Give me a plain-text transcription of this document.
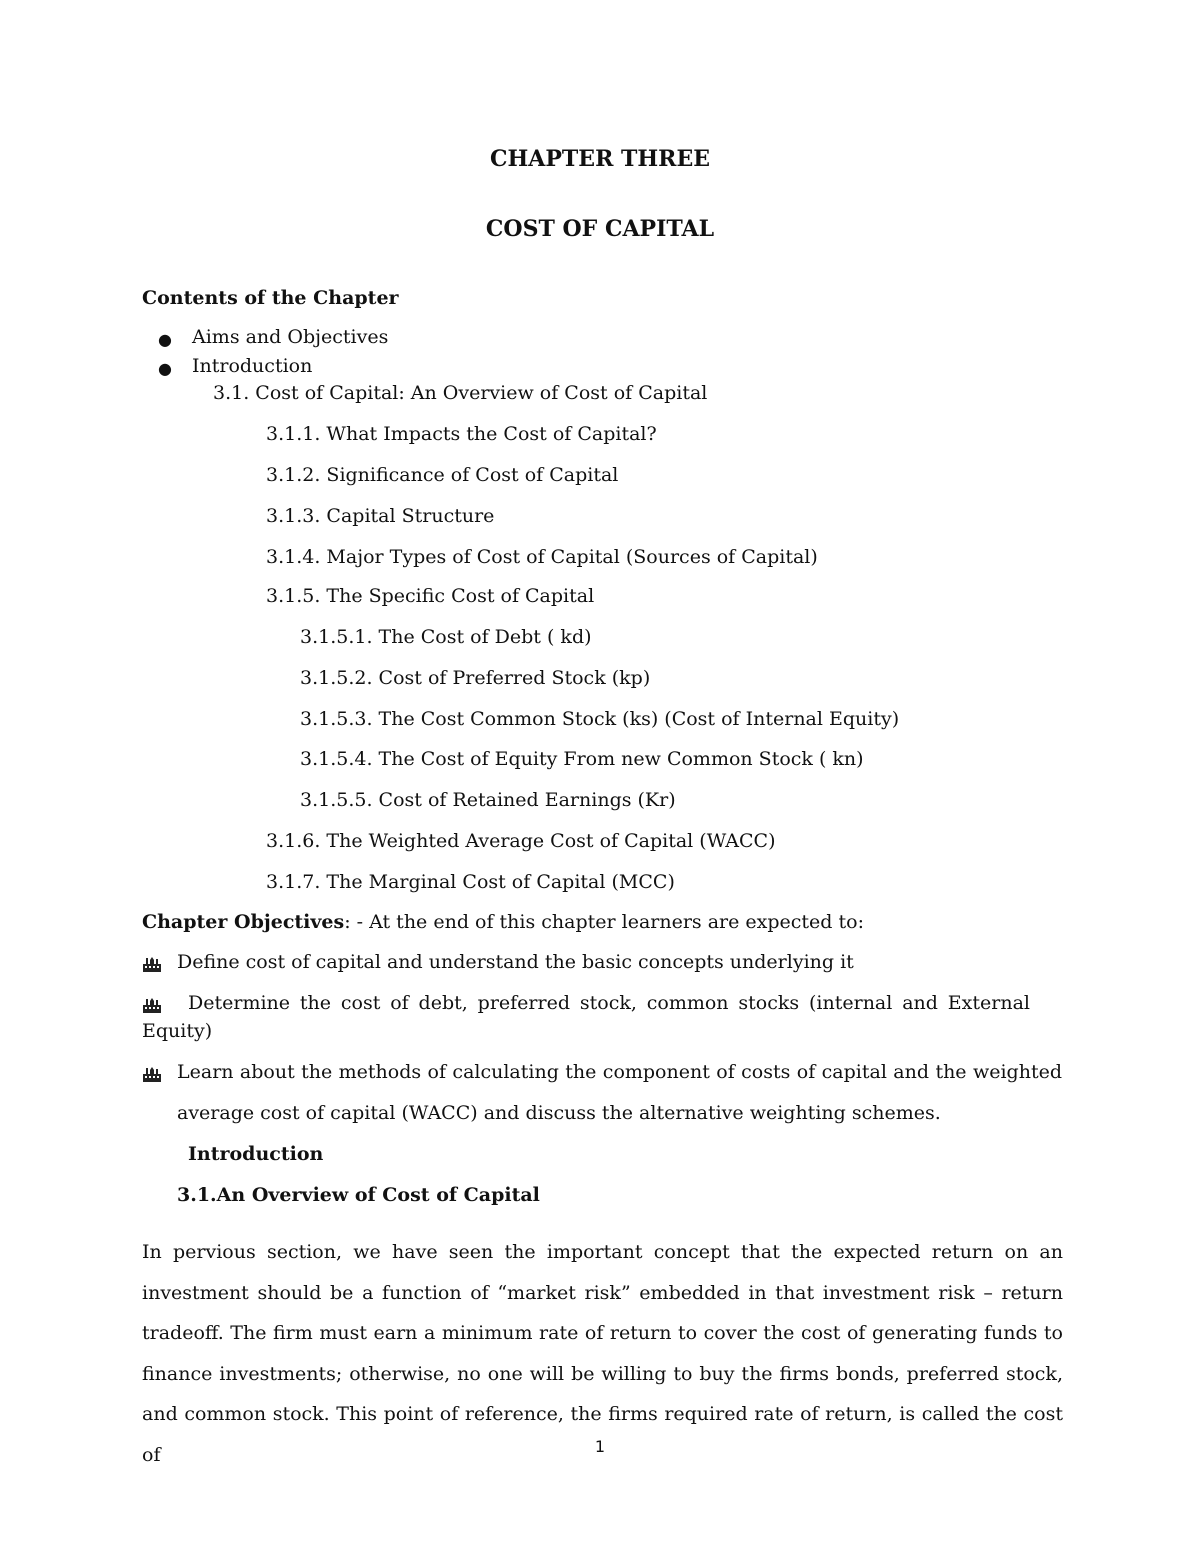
CHAPTER THREE
COST OF CAPITAL
Contents of the Chapter
● Aims and Objectives
● Introduction
3.1. Cost of Capital: An Overview of Cost of Capital
3.1.1. What Impacts the Cost of Capital?
3.1.2. Significance of Cost of Capital
3.1.3. Capital Structure
3.1.4. Major Types of Cost of Capital (Sources of Capital)
3.1.5. The Specific Cost of Capital
3.1.5.1. The Cost of Debt ( kd)
3.1.5.2. Cost of Preferred Stock (kp)
3.1.5.3. The Cost Common Stock (ks) (Cost of Internal Equity)
3.1.5.4. The Cost of Equity From new Common Stock ( kn)
3.1.5.5. Cost of Retained Earnings (Kr)
3.1.6. The Weighted Average Cost of Capital (WACC)
3.1.7. The Marginal Cost of Capital (MCC)
Chapter Objectives: - At the end of this chapter learners are expected to:
Define cost of capital and understand the basic concepts underlying it
Determine the cost of debt, preferred stock, common stocks (internal and External
Equity)
Learn about the methods of calculating the component of costs of capital and the weighted
average cost of capital (WACC) and discuss the alternative weighting schemes.
Introduction
3.1.An Overview of Cost of Capital
In pervious section, we have seen the important concept that the expected return on an
investment should be a function of “market risk” embedded in that investment risk – return
tradeoff. The firm must earn a minimum rate of return to cover the cost of generating funds to
finance investments; otherwise, no one will be willing to buy the firms bonds, preferred stock,
and common stock. This point of reference, the firms required rate of return, is called the cost of	1
